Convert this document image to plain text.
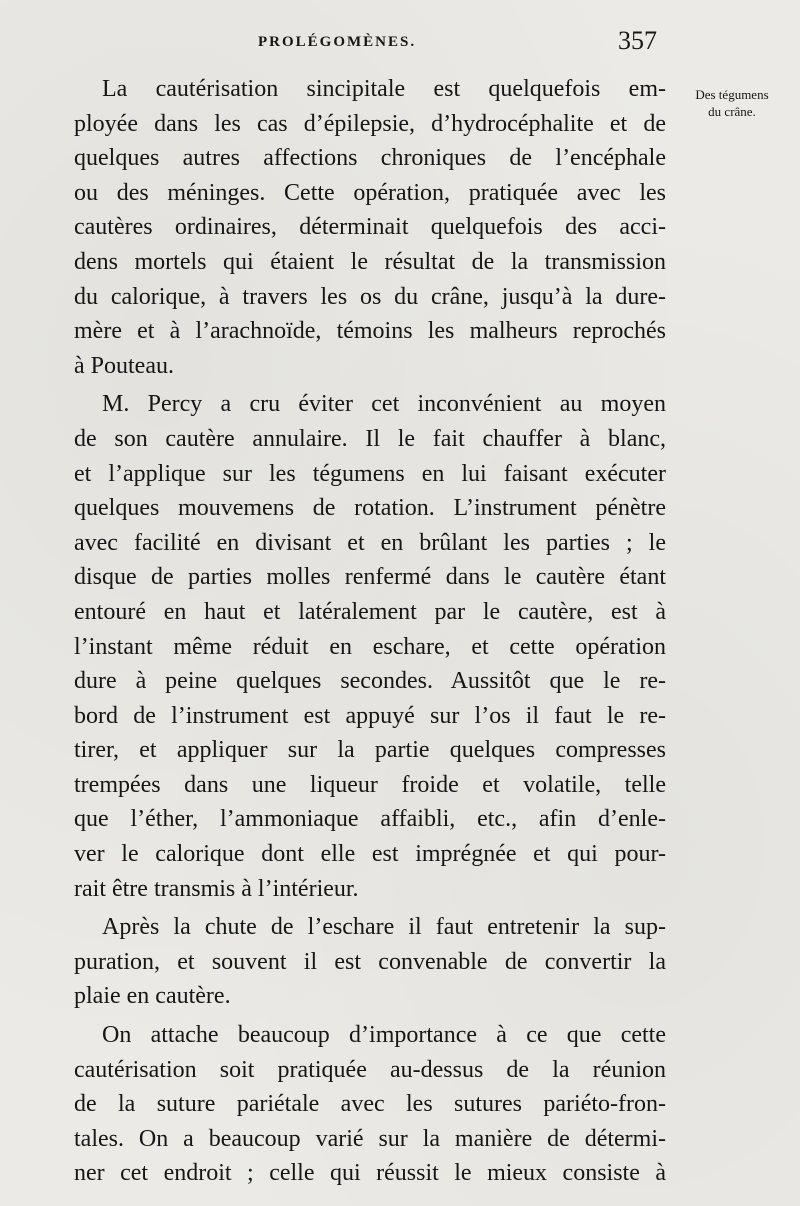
PROLÉGOMÈNES.	357
Des tégumens
du crâne.

La cautérisation sincipitale est quelquefois em-
ployée dans les cas d’épilepsie, d’hydrocéphalite et de
quelques autres affections chroniques de l’encéphale
ou des méninges. Cette opération, pratiquée avec les
cautères ordinaires, déterminait quelquefois des acci-
dens mortels qui étaient le résultat de la transmission
du calorique, à travers les os du crâne, jusqu’à la dure-
mère et à l’arachnoïde, témoins les malheurs reprochés
à Pouteau.

M. Percy a cru éviter cet inconvénient au moyen
de son cautère annulaire. Il le fait chauffer à blanc,
et l’applique sur les tégumens en lui faisant exécuter
quelques mouvemens de rotation. L’instrument pénètre
avec facilité en divisant et en brûlant les parties ; le
disque de parties molles renfermé dans le cautère étant
entouré en haut et latéralement par le cautère, est à
l’instant même réduit en eschare, et cette opération
dure à peine quelques secondes. Aussitôt que le re-
bord de l’instrument est appuyé sur l’os il faut le re-
tirer, et appliquer sur la partie quelques compresses
trempées dans une liqueur froide et volatile, telle
que l’éther, l’ammoniaque affaibli, etc., afin d’enle-
ver le calorique dont elle est imprégnée et qui pour-
rait être transmis à l’intérieur.

Après la chute de l’eschare il faut entretenir la sup-
puration, et souvent il est convenable de convertir la
plaie en cautère.

On attache beaucoup d’importance à ce que cette
cautérisation soit pratiquée au-dessus de la réunion
de la suture pariétale avec les sutures pariéto-fron-
tales. On a beaucoup varié sur la manière de détermi-
ner cet endroit ; celle qui réussit le mieux consiste à
